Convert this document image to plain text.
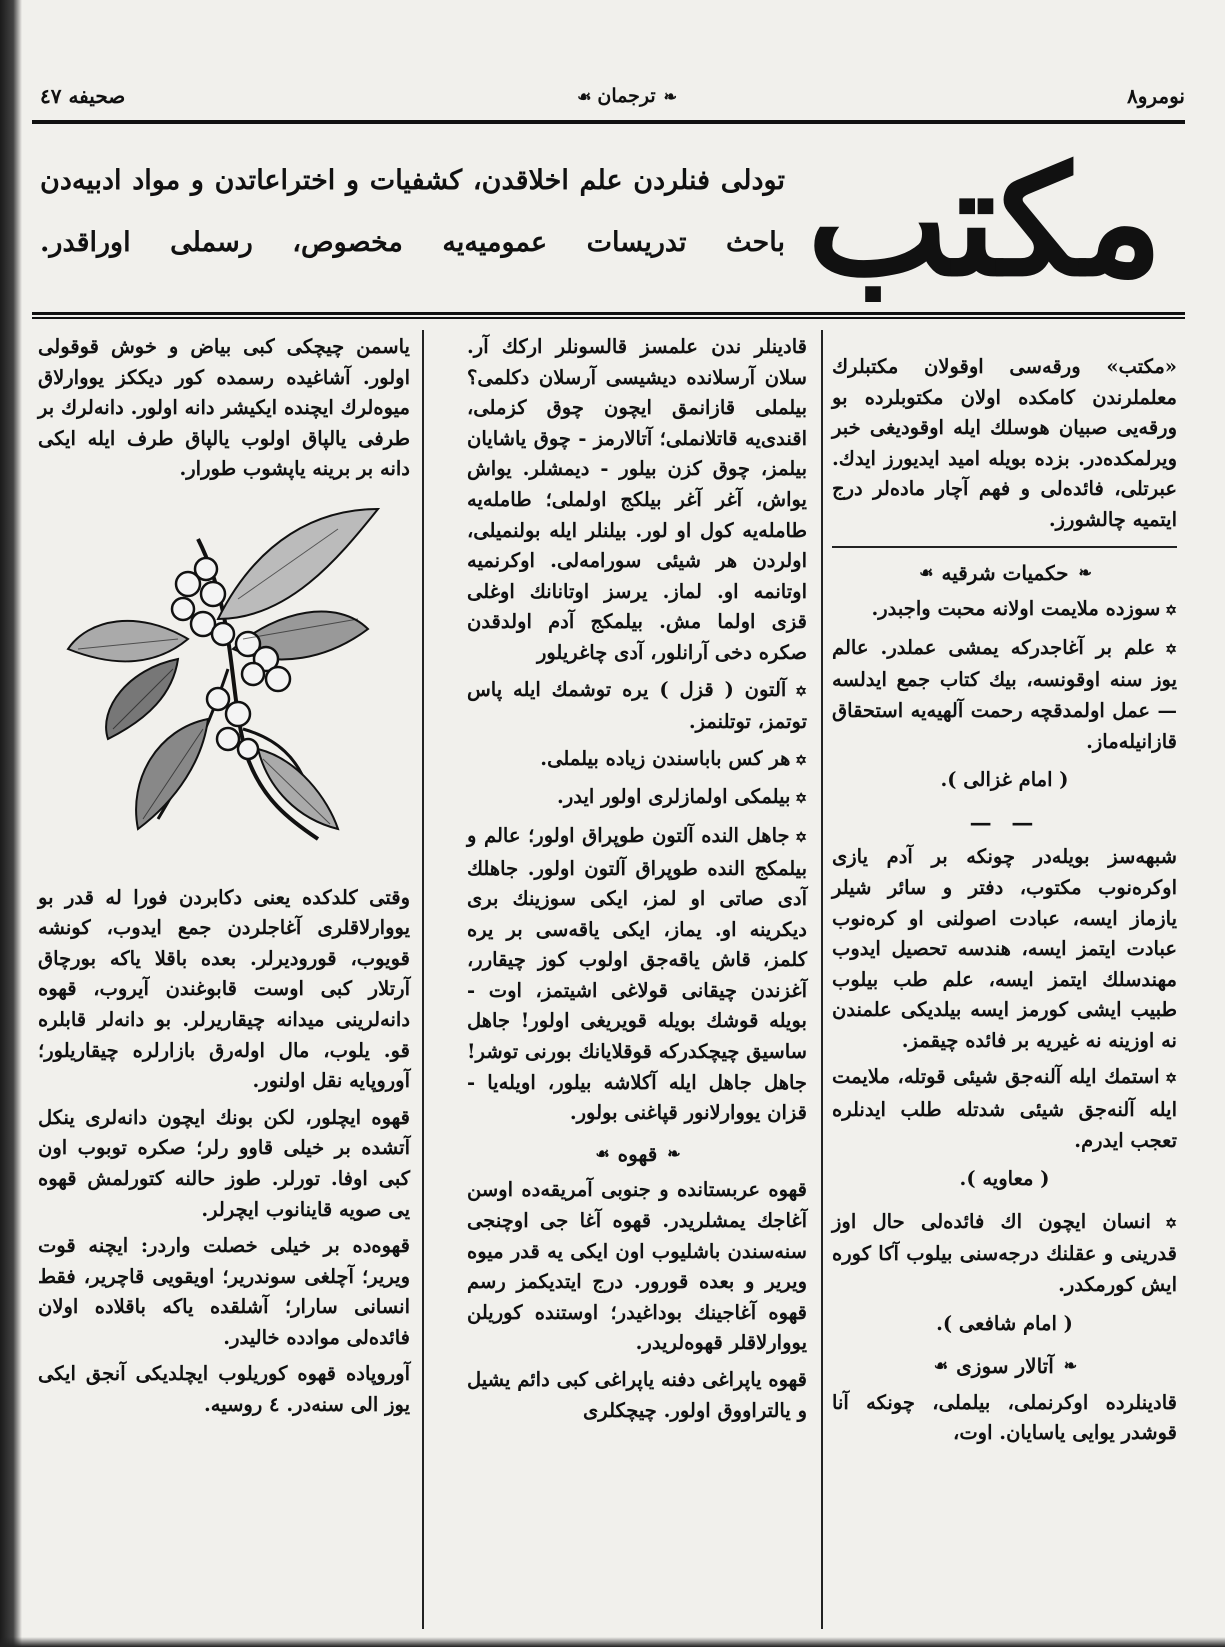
نومرو٨
❧
ترجمان
☙
صحیفه ٤٧
مکتب
تودلی فنلردن علم اخلاقدن، کشفیات و اختراعاتدن و مواد ادبیه‌دن باحث تدریسات عمومیه‌یه مخصوص، رسملی اوراقدر.

«مکتب» ورقه‌سی اوقولان مکتبلرك معلملرندن کامکده اولان مکتوبلرده بو ورقه‌یی صبیان هوسلك ایله اوقودیغی خبر ویرلمکده‌در. بزده بویله امید ایدیورز ایدك. عبرتلی، فائده‌لی و فهم آچار ماده‌لر درج ایتمیه چالشورز.

❧
حکمیات شرقیه
☙

✡ سوزده ملایمت اولانه محبت واجبدر.

✡ علم بر آغاجدرکه یمشی عملدر. عالم یوز سنه اوقونسه، بیك کتاب جمع ایدلسه — عمل اولمدقچه رحمت آلهیه‌یه استحقاق قازانیله‌ماز.

( امام غزالی ).
— —

شبهه‌سز بویله‌در چونکه بر آدم یازی اوکره‌نوب مکتوب، دفتر و سائر شیلر یازماز ایسه، عبادت اصولنی او کره‌نوب عبادت ایتمز ایسه، هندسه تحصیل ایدوب مهندسلك ایتمز ایسه، علم طب بیلوب طبیب ایشی کورمز ایسه بیلدیکی علمندن نه اوزینه نه غیریه بر فائده چیقمز.

✡ استمك ایله آلنه‌جق شیئی قوتله، ملایمت ایله آلنه‌جق شیئی شدتله طلب ایدنلره تعجب ایدرم.

( معاویه ).

✡ انسان ایچون اك فائده‌لی حال اوز قدرینی و عقلنك درجه‌سنی بیلوب آکا کوره ایش کورمکدر.

( امام شافعی ).
❧
آتالار سوزی
☙

قادینلرده اوکرنملی، بیلملی، چونکه آنا قوشدر یوایی یاسایان. اوت،

قادینلر ندن علمسز قالسونلر ارکك آر. سلان آرسلانده دیشیسی آرسلان دکلمی؟ بیلملی قازانمق ایچون چوق کزملی، اقندی‌یه قاتلانملی؛ آتالارمز - چوق یاشایان بیلمز، چوق کزن بیلور - دیمشلر. یواش یواش، آغر آغر بیلکج اولملی؛ طامله‌یه طامله‌یه کول او لور. بیلنلر ایله بولنمیلی، اولردن هر شیئی سورامه‌لی. اوکرنمیه اوتانمه او. لماز. یرسز اوتانانك اوغلی قزی اولما مش. بیلمکج آدم اولدقدن صکره دخی آرانلور، آدی چاغریلور

✡ آلتون ( قزل ) یره توشمك ایله پاس توتمز، توتلنمز.

✡ هر کس باباسندن زیاده بیلملی.

✡ بیلمکی اولمازلری اولور ایدر.

✡ جاهل النده آلتون طوپراق اولور؛ عالم و بیلمکج النده طوپراق آلتون اولور. جاهلك آدی صاتی او لمز، ایکی سوزینك بری دیکرینه او. یماز، ایکی یاقه‌سی بر یره کلمز، قاش یاقه‌جق اولوب کوز چیقارر، آغزندن چیقانی قولاغی اشیتمز، اوت - بویله قوشك بویله قویریغی اولور! جاهل ساسیق چیچکدرکه قوقلایانك بورنی توشر! جاهل جاهل ایله آکلاشه بیلور، اویله‌یا - قزان یووارلانور قپاغنی بولور.

❧
قهوه
☙

قهوه عربستانده و جنوبی آمریقه‌ده اوسن آغاجك یمشلریدر. قهوه آغا جی اوچنجی سنه‌سندن باشلیوب اون ایکی یه قدر میوه ویریر و بعده قورور. درج ایتدیکمز رسم قهوه آغاجینك بوداغیدر؛ اوستنده کوریلن یووارلاقلر قهوه‌لریدر.

قهوه یاپراغی دفنه یاپراغی کبی دائم یشیل و یالتراووق اولور. چیچکلری

یاسمن چیچکی کبی بیاض و خوش قوقولی اولور. آشاغیده رسمده کور دیککز یووارلاق میوه‌لرك ایچنده ایکیشر دانه اولور. دانه‌لرك بر طرفی یالپاق اولوب یالپاق طرف ایله ایکی دانه بر برینه یاپشوب طورار.

وقتی کلدکده یعنی دکابردن فورا له قدر بو یووارلاقلری آغاجلردن جمع ایدوب، کونشه قویوب، قورودیرلر. بعده باقلا یاکه بورچاق آرتلار کبی اوست قابوغندن آیروب، قهوه دانه‌لرینی میدانه چیقاریرلر. بو دانه‌لر قابلره قو. یلوب، مال اوله‌رق بازارلره چیقاریلور؛ آوروپایه نقل اولنور.

قهوه ایچلور، لکن بونك ایچون دانه‌لری ینکل آتشده بر خیلی قاوو رلر؛ صکره توبوب اون کبی اوفا. تورلر. طوز حالنه کتورلمش قهوه یی صویه قاینانوب ایچرلر.

قهوه‌ده بر خیلی خصلت واردر: ایچنه قوت ویریر؛ آچلغی سوندریر؛ اویقویی قاچریر، فقط انسانی سارار؛ آشلقده یاکه باقلاده اولان فائده‌لی موادده خالیدر.

آوروپاده قهوه کوریلوب ایچلدیکی آنجق ایکی یوز الی سنه‌در. ٤ روسیه.
